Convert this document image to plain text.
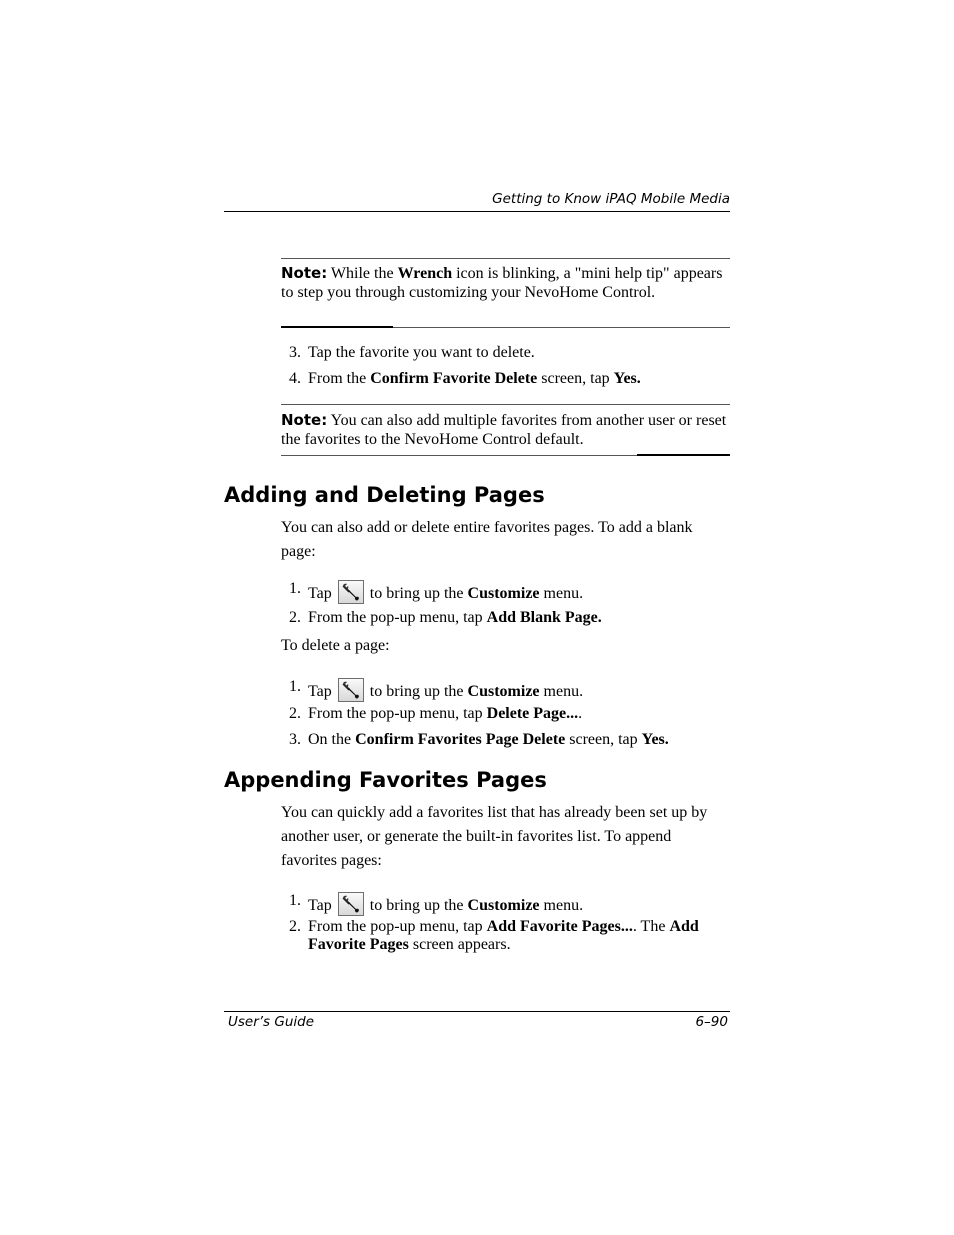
Getting to Know iPAQ Mobile Media
Note: While the Wrench icon is blinking, a "mini help tip" appears to step you through customizing your NevoHome Control.
3. Tap the favorite you want to delete.
4. From the Confirm Favorite Delete screen, tap Yes.
Note: You can also add multiple favorites from another user or reset the favorites to the NevoHome Control default.
Adding and Deleting Pages
You can also add or delete entire favorites pages. To add a blank page:
1. Tap
to bring up the Customize menu.
2. From the pop-up menu, tap Add Blank Page.
To delete a page:
1. Tap
to bring up the Customize menu.
2. From the pop-up menu, tap Delete Page....
3. On the Confirm Favorites Page Delete screen, tap Yes.
Appending Favorites Pages
You can quickly add a favorites list that has already been set up by another user, or generate the built-in favorites list. To append favorites pages:
1. Tap
to bring up the Customize menu.
2. From the pop-up menu, tap Add Favorite Pages.... The Add Favorite Pages screen appears.
User’s Guide	6–90
